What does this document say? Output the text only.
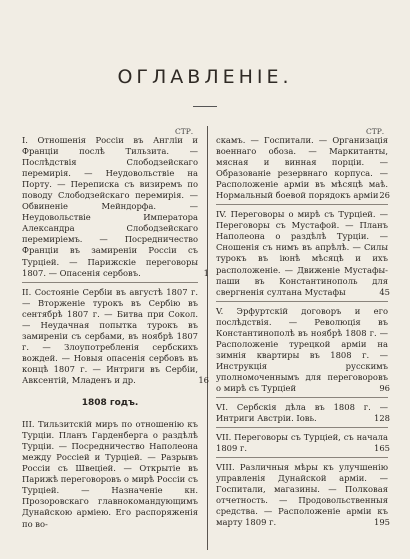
ОГЛАВЛЕНІЕ.
СТР.	СТР.
I. Отношенія Россіи въ Англіи и Франціи послѣ Тильзита. — Послѣдствія Слободзейскаго перемирія. — Неудовольствіе на Порту. — Переписка съ визиремъ по поводу Слободзейскаго перемирія. — Обвиненіе Мейндорфа. — Неудовольствіе Императора Александра Слободзейскаго перемиріемъ. — Посредничество Франціи въ замиреніи Россіи съ Турціей. — Парижскіе переговоры 1807. — Опасенія сербовъ.	1
II. Состояніе Сербіи въ августѣ 1807 г. — Вторженіе турокъ въ Сербію въ сентябрѣ 1807 г. — Битва при Сокол. — Неудачная попытка турокъ въ замиреніи съ сербами, въ ноябрѣ 1807 г. — Злоупотребленія сербскихъ вождей. — Новыя опасенія сербовъ въ концѣ 1807 г. — Интриги въ Сербіи, Авксентій, Младенъ и др.	16
1808 годъ.
III. Тильзитскій миръ по отношенію къ Турціи. Планъ Гарденберга о раздѣлѣ Турціи. — Посредничество Наполеона между Россіей и Турціей. — Разрывъ Россіи съ Швеціей. — Открытіе въ Парижѣ переговоровъ о мирѣ Россіи съ Турціей. — Назначеніе кн. Прозоровскаго главнокомандующимъ Дунайскою арміею. Его распоряженія по во-
скамъ. — Госпитали. — Организація военнаго обоза. — Маркитанты, мясная и винная порціи. — Образованіе резервнаго корпуса. — Расположеніе арміи въ мѣсяцѣ маѣ. Нормальный боевой порядокъ арміи 26
IV. Переговоры о мирѣ съ Турціей. — Переговоры съ Мустафой. — Планъ Наполеона о раздѣлѣ Турціи. — Сношенія съ нимъ въ апрѣлѣ. — Силы турокъ въ іюнѣ мѣсяцѣ и ихъ расположеніе. — Движеніе Мустафы-паши въ Константинополь для свергненія султана Мустафы	45
V. Эрфуртскій договоръ и его послѣдствія. — Революція въ Константинополѣ въ ноябрѣ 1808 г. — Расположеніе турецкой арміи на зимнія квартиры въ 1808 г. — Инструкція русскимъ уполномоченнымъ для переговоровъ о мирѣ съ Турціей	96
VI. Сербскія дѣла въ 1808 г. — Интриги Австріи. Іовь.	128
VII. Переговоры съ Турціей, съ начала 1809 г.	165
VIII. Различныя мѣры къ улучшенію управленія Дунайской арміи. — Госпитали, магазины. — Полковая отчетность. — Продовольственныя средства. — Расположеніе арміи къ марту 1809 г.	195
